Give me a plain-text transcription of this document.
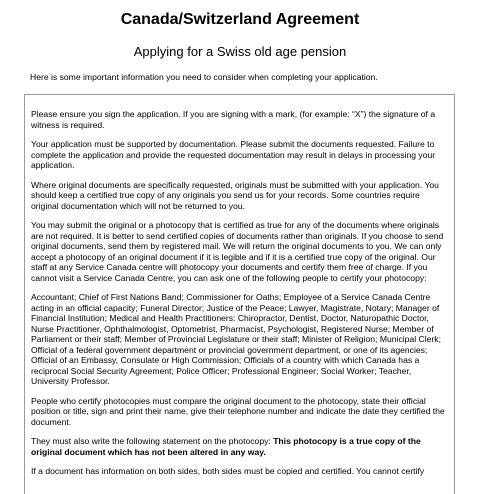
Canada/Switzerland Agreement
Applying for a Swiss old age pension
Here is some important information you need to consider when completing your application.

Please ensure you sign the application. If you are signing with a mark, (for example: “X”) the signature of a witness is required.

Your application must be supported by documentation. Please submit the documents requested. Failure to complete the application and provide the requested documentation may result in delays in processing your application.

Where original documents are specifically requested, originals must be submitted with your application. You should keep a certified true copy of any originals you send us for your records. Some countries require original documentation which will not be returned to you.

You may submit the original or a photocopy that is certified as true for any of the documents where originals are not required. It is better to send certified copies of documents rather than originals. If you choose to send original documents, send them by registered mail. We will return the original documents to you. We can only accept a photocopy of an original document if it is legible and if it is a certified true copy of the original. Our staff at any Service Canada centre will photocopy your documents and certify them free of charge. If you cannot visit a Service Canada Centre, you can ask one of the following people to certify your photocopy:

Accountant; Chief of First Nations Band; Commissioner for Oaths; Employee of a Service Canada Centre acting in an official capacity; Funeral Director; Justice of the Peace; Lawyer, Magistrate, Notary; Manager of Financial Institution; Medical and Health Practitioners: Chiropractor, Dentist, Doctor, Naturopathic Doctor, Nurse Practitioner, Ophthalmologist, Optometrist, Pharmacist, Psychologist, Registered Nurse; Member of Parliament or their staff; Member of Provincial Legislature or their staff; Minister of Religion; Municipal Clerk; Official of a federal government department or provincial government department, or one of its agencies; Official of an Embassy, Consulate or High Commission; Officials of a country with which Canada has a reciprocal Social Security Agreement; Police Officer; Professional Engineer; Social Worker; Teacher, University Professor.

People who certify photocopies must compare the original document to the photocopy, state their official position or title, sign and print their name, give their telephone number and indicate the date they certified the document.

They must also write the following statement on the photocopy: This photocopy is a true copy of the original document which has not been altered in any way.

If a document has information on both sides, both sides must be copied and certified. You cannot certify
